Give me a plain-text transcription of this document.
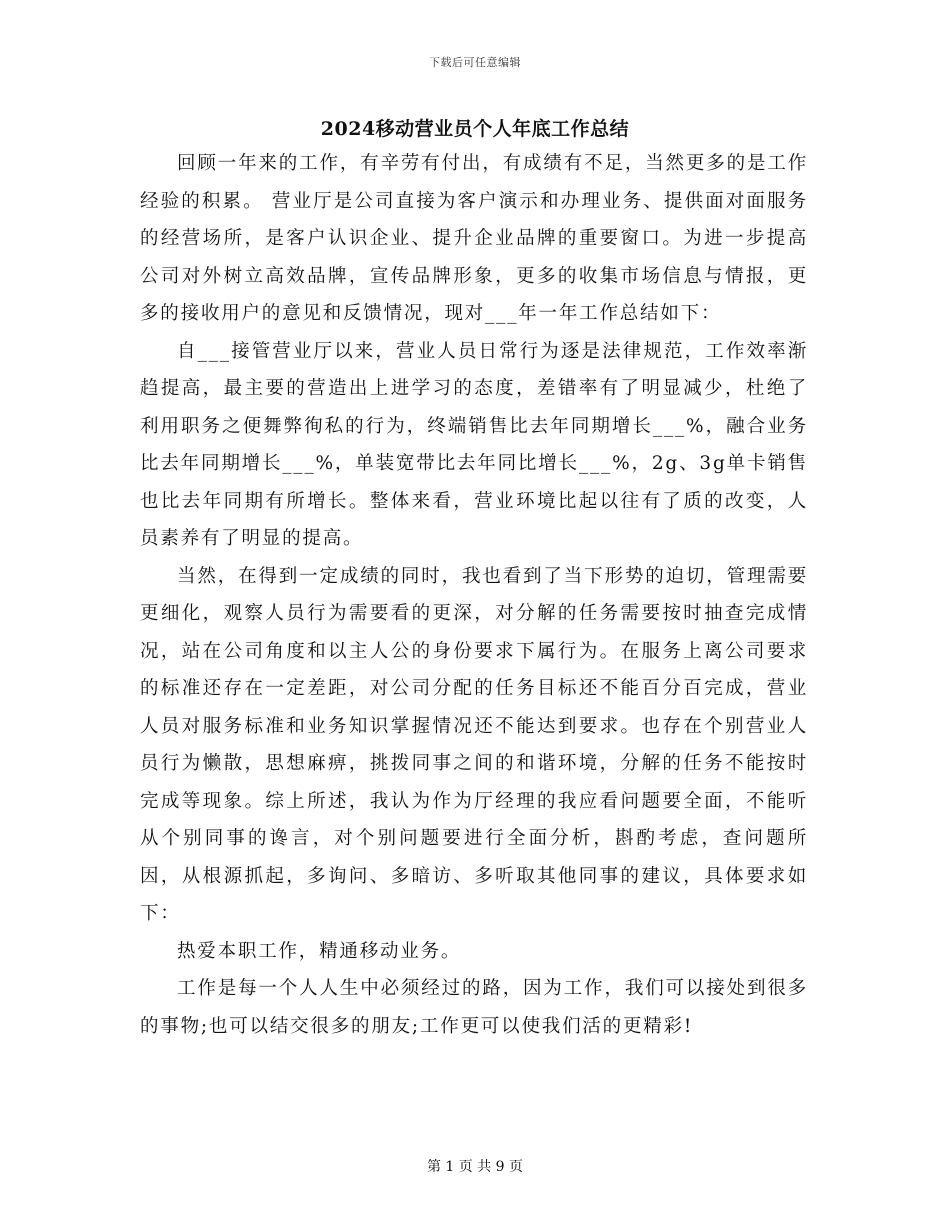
下载后可任意编辑
2024移动营业员个人年底工作总结

回顾一年来的工作，有辛劳有付出，有成绩有不足，当然更多的是工作经验的积累。 营业厅是公司直接为客户演示和办理业务、提供面对面服务的经营场所，是客户认识企业、提升企业品牌的重要窗口。为进一步提高公司对外树立高效品牌，宣传品牌形象，更多的收集市场信息与情报，更多的接收用户的意见和反馈情况，现对___年一年工作总结如下：

自___接管营业厅以来，营业人员日常行为逐是法律规范，工作效率渐趋提高，最主要的营造出上进学习的态度，差错率有了明显减少，杜绝了利用职务之便舞弊徇私的行为，终端销售比去年同期增长___%，融合业务比去年同期增长___%，单装宽带比去年同比增长___%，2g、3g单卡销售也比去年同期有所增长。整体来看，营业环境比起以往有了质的改变，人员素养有了明显的提高。

当然，在得到一定成绩的同时，我也看到了当下形势的迫切，管理需要更细化，观察人员行为需要看的更深，对分解的任务需要按时抽查完成情况，站在公司角度和以主人公的身份要求下属行为。在服务上离公司要求的标准还存在一定差距，对公司分配的任务目标还不能百分百完成，营业人员对服务标准和业务知识掌握情况还不能达到要求。也存在个别营业人员行为懒散，思想麻痹，挑拨同事之间的和谐环境，分解的任务不能按时完成等现象。综上所述，我认为作为厅经理的我应看问题要全面，不能听从个别同事的谗言，对个别问题要进行全面分析，斟酌考虑，查问题所因，从根源抓起，多询问、多暗访、多听取其他同事的建议，具体要求如下：

热爱本职工作，精通移动业务。

工作是每一个人人生中必须经过的路，因为工作，我们可以接处到很多的事物;也可以结交很多的朋友;工作更可以使我们活的更精彩!

第 1 页 共 9 页
